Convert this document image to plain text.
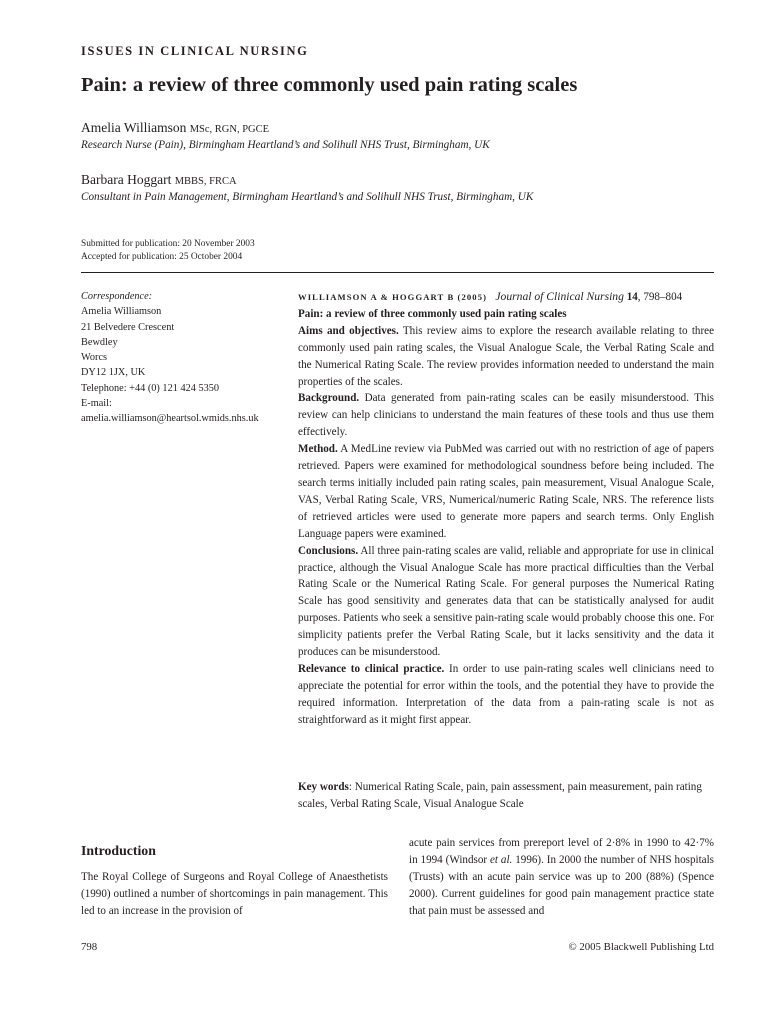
ISSUES IN CLINICAL NURSING
Pain: a review of three commonly used pain rating scales
Amelia Williamson MSc, RGN, PGCE
Research Nurse (Pain), Birmingham Heartland’s and Solihull NHS Trust, Birmingham, UK
Barbara Hoggart MBBS, FRCA
Consultant in Pain Management, Birmingham Heartland’s and Solihull NHS Trust, Birmingham, UK
Submitted for publication: 20 November 2003
Accepted for publication: 25 October 2004
Correspondence:
Amelia Williamson
21 Belvedere Crescent
Bewdley
Worcs
DY12 1JX, UK
Telephone: +44 (0) 121 424 5350
E-mail:
amelia.williamson@heartsol.wmids.nhs.uk

WILLIAMSON A & HOGGART B (2005) Journal of Clinical Nursing 14, 798–804

Pain: a review of three commonly used pain rating scales

Aims and objectives. This review aims to explore the research available relating to three commonly used pain rating scales, the Visual Analogue Scale, the Verbal Rating Scale and the Numerical Rating Scale. The review provides information needed to understand the main properties of the scales.

Background. Data generated from pain-rating scales can be easily misunderstood. This review can help clinicians to understand the main features of these tools and thus use them effectively.

Method. A MedLine review via PubMed was carried out with no restriction of age of papers retrieved. Papers were examined for methodological soundness before being included. The search terms initially included pain rating scales, pain measurement, Visual Analogue Scale, VAS, Verbal Rating Scale, VRS, Numerical/numeric Rating Scale, NRS. The reference lists of retrieved articles were used to generate more papers and search terms. Only English Language papers were examined.

Conclusions. All three pain-rating scales are valid, reliable and appropriate for use in clinical practice, although the Visual Analogue Scale has more practical difficulties than the Verbal Rating Scale or the Numerical Rating Scale. For general purposes the Numerical Rating Scale has good sensitivity and generates data that can be statistically analysed for audit purposes. Patients who seek a sensitive pain-rating scale would probably choose this one. For simplicity patients prefer the Verbal Rating Scale, but it lacks sensitivity and the data it produces can be misunderstood.

Relevance to clinical practice. In order to use pain-rating scales well clinicians need to appreciate the potential for error within the tools, and the potential they have to provide the required information. Interpretation of the data from a pain-rating scale is not as straightforward as it might first appear.

Key words: Numerical Rating Scale, pain, pain assessment, pain measurement, pain rating scales, Verbal Rating Scale, Visual Analogue Scale
Introduction
The Royal College of Surgeons and Royal College of Anaesthetists (1990) outlined a number of shortcomings in pain management. This led to an increase in the provision of
acute pain services from prereport level of 2·8% in 1990 to 42·7% in 1994 (Windsor et al. 1996). In 2000 the number of NHS hospitals (Trusts) with an acute pain service was up to 200 (88%) (Spence 2000). Current guidelines for good pain management practice state that pain must be assessed and
798	© 2005 Blackwell Publishing Ltd
